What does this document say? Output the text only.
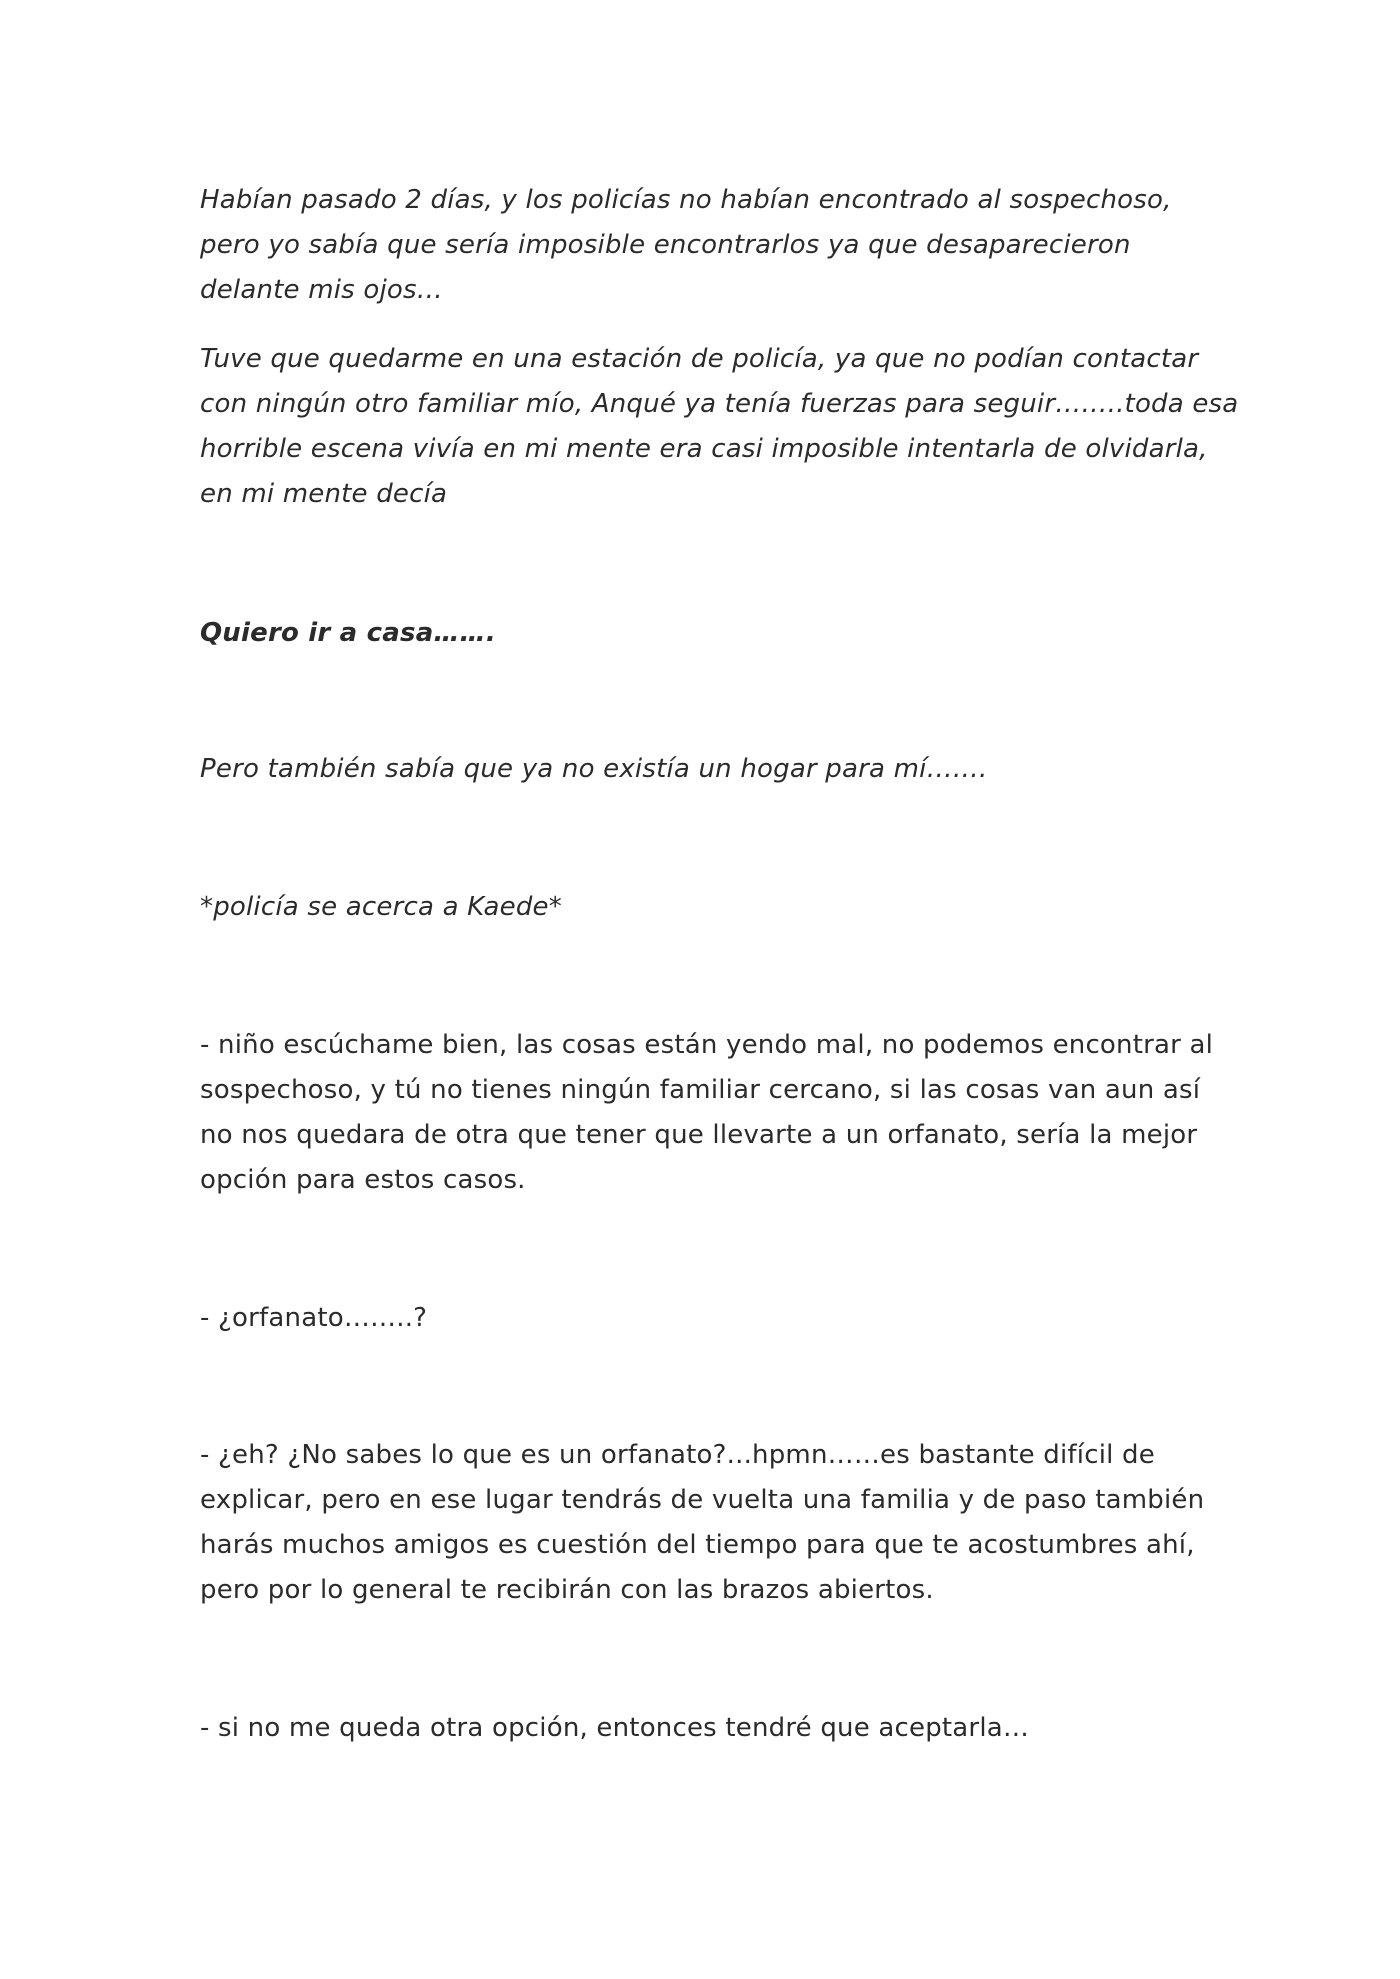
Habían pasado 2 días, y los policías no habían encontrado al sospechoso,
pero yo sabía que sería imposible encontrarlos ya que desaparecieron
delante mis ojos…

Tuve que quedarme en una estación de policía, ya que no podían contactar
con ningún otro familiar mío, Anqué ya tenía fuerzas para seguir……..toda esa
horrible escena vivía en mi mente era casi imposible intentarla de olvidarla,
en mi mente decía

Quiero ir a casa…….

Pero también sabía que ya no existía un hogar para mí…….

*policía se acerca a Kaede*

- niño escúchame bien, las cosas están yendo mal, no podemos encontrar al
sospechoso, y tú no tienes ningún familiar cercano, si las cosas van aun así
no nos quedara de otra que tener que llevarte a un orfanato, sería la mejor
opción para estos casos.

- ¿orfanato……..?

- ¿eh? ¿No sabes lo que es un orfanato?...hpmn……es bastante difícil de
explicar, pero en ese lugar tendrás de vuelta una familia y de paso también
harás muchos amigos es cuestión del tiempo para que te acostumbres ahí,
pero por lo general te recibirán con las brazos abiertos.

- si no me queda otra opción, entonces tendré que aceptarla…
